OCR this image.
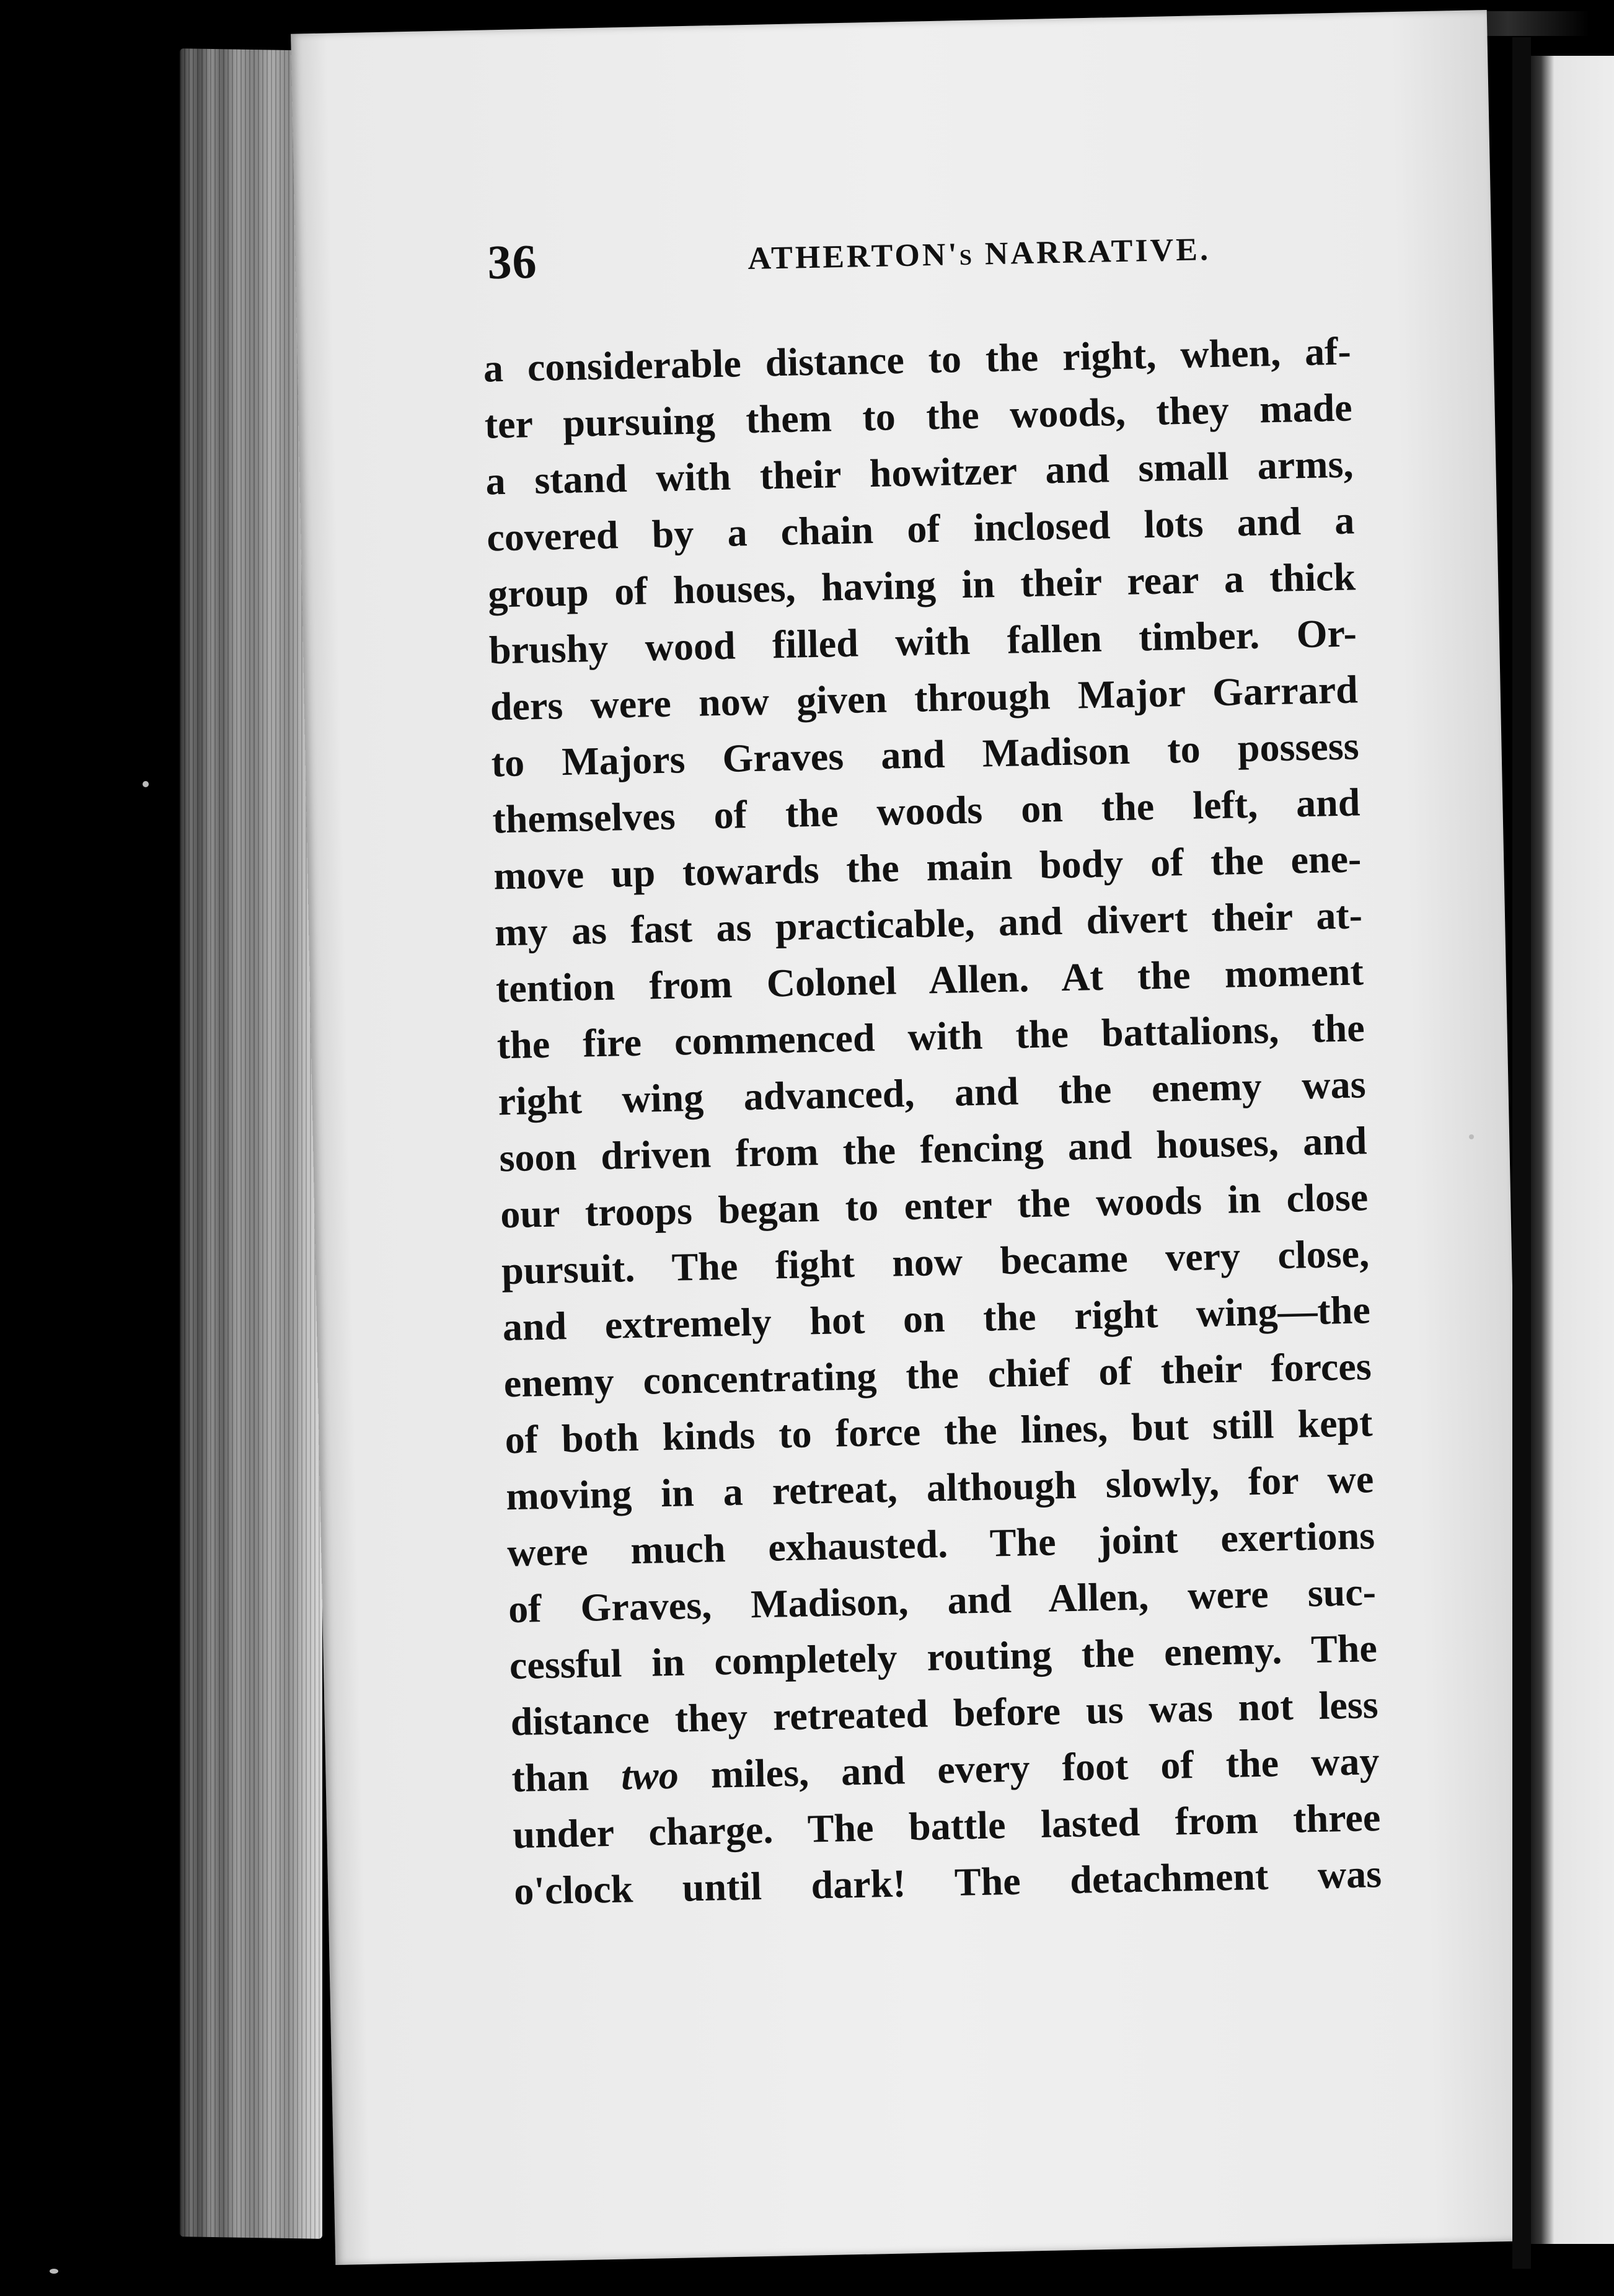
36	ATHERTON's NARRATIVE.
a considerable distance to the right, when, af-
ter pursuing them to the woods, they made
a stand with their howitzer and small arms,
covered by a chain of inclosed lots and a
group of houses, having in their rear a thick
brushy wood filled with fallen timber. Or-
ders were now given through Major Garrard
to Majors Graves and Madison to possess
themselves of the woods on the left, and
move up towards the main body of the ene-
my as fast as practicable, and divert their at-
tention from Colonel Allen. At the moment
the fire commenced with the battalions, the
right wing advanced, and the enemy was
soon driven from the fencing and houses, and
our troops began to enter the woods in close
pursuit. The fight now became very close,
and extremely hot on the right wing—the
enemy concentrating the chief of their forces
of both kinds to force the lines, but still kept
moving in a retreat, although slowly, for we
were much exhausted. The joint exertions
of Graves, Madison, and Allen, were suc-
cessful in completely routing the enemy. The
distance they retreated before us was not less
than two miles, and every foot of the way
under charge. The battle lasted from three
o'clock until dark! The detachment was
